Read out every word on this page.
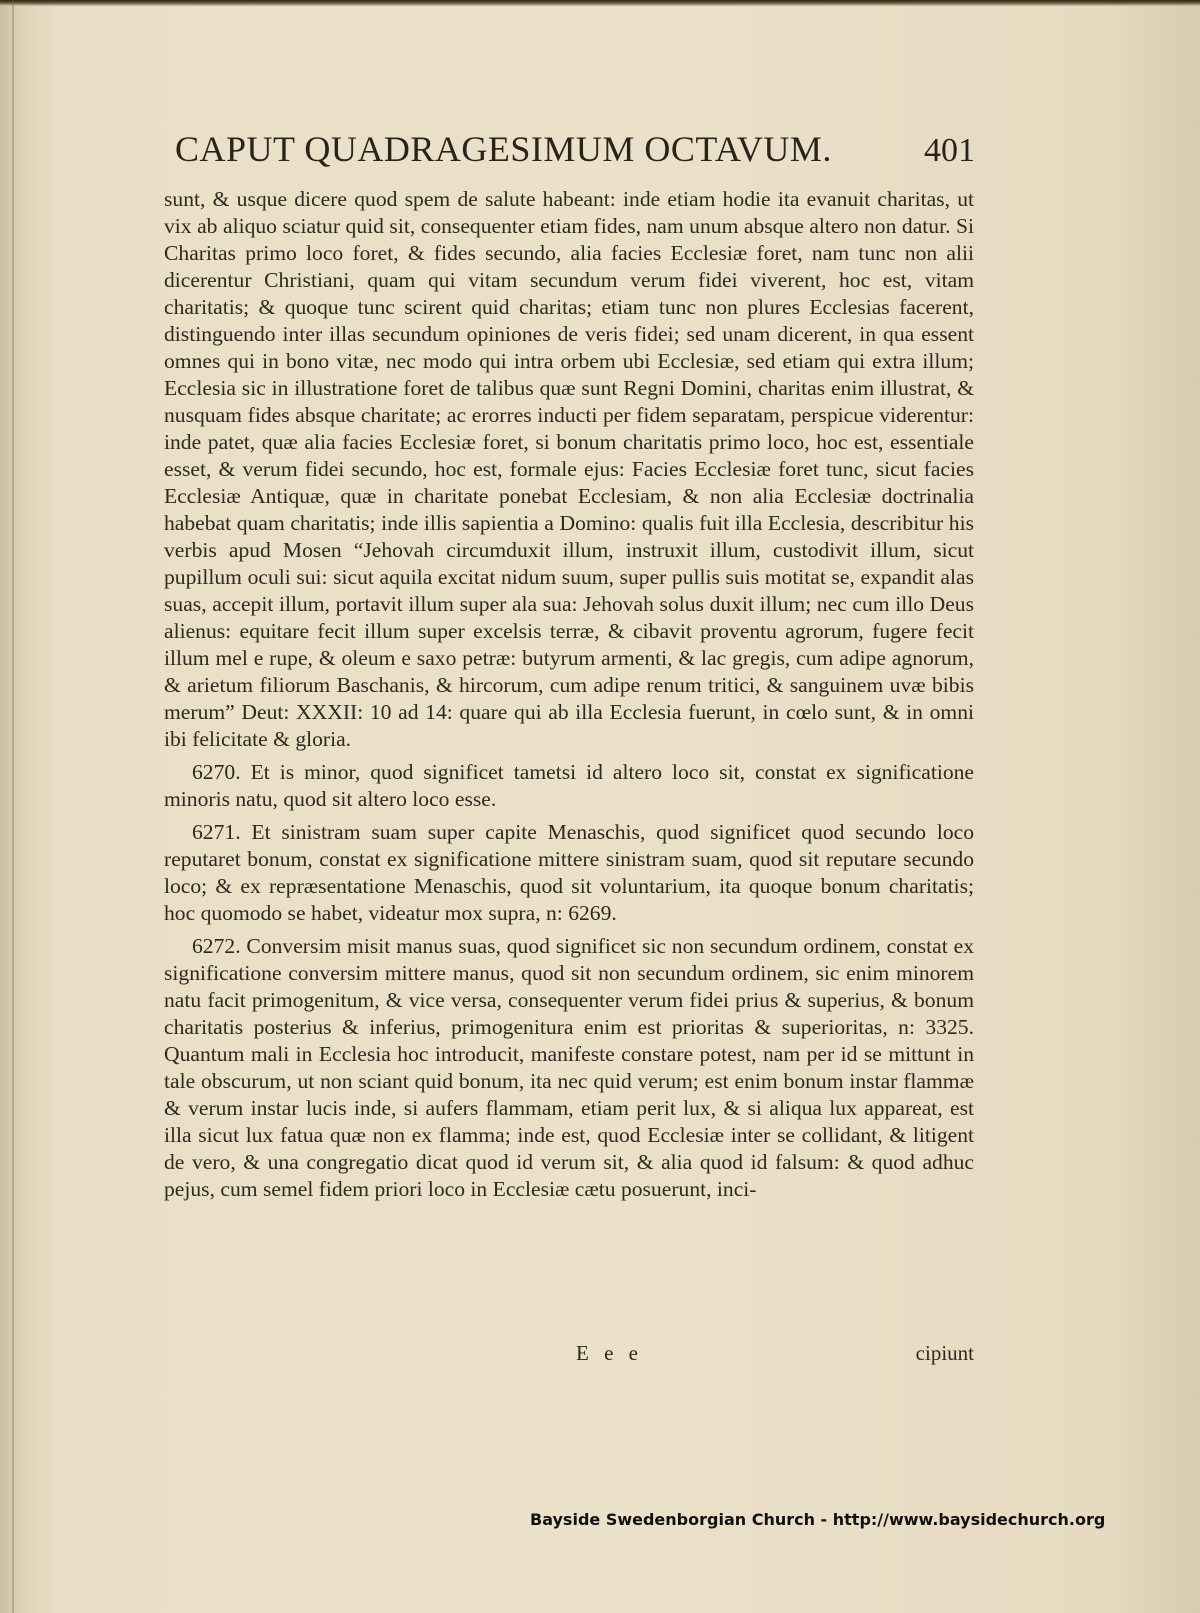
CAPUT QUADRAGESIMUM OCTAVUM.	401

sunt, & usque dicere quod spem de salute habeant: inde etiam hodie ita evanuit charitas, ut vix ab aliquo sciatur quid sit, consequenter etiam fides, nam unum absque altero non datur. Si Charitas primo loco foret, & fides secundo, alia facies Ecclesiæ foret, nam tunc non alii dicerentur Christiani, quam qui vitam secundum verum fidei viverent, hoc est, vitam charitatis; & quoque tunc scirent quid charitas; etiam tunc non plures Ecclesias facerent, distinguendo inter illas secundum opiniones de veris fidei; sed unam dicerent, in qua essent omnes qui in bono vitæ, nec modo qui intra orbem ubi Ecclesiæ, sed etiam qui extra illum; Ecclesia sic in illustratione foret de talibus quæ sunt Regni Domini, charitas enim illustrat, & nusquam fides absque charitate; ac erorres inducti per fidem separatam, perspicue viderentur: inde patet, quæ alia facies Ecclesiæ foret, si bonum charitatis primo loco, hoc est, essentiale esset, & verum fidei secundo, hoc est, formale ejus: Facies Ecclesiæ foret tunc, sicut facies Ecclesiæ Antiquæ, quæ in charitate ponebat Ecclesiam, & non alia Ecclesiæ doctrinalia habebat quam charitatis; inde illis sapientia a Domino: qualis fuit illa Ecclesia, describitur his verbis apud Mosen “Jehovah circumduxit illum, instruxit illum, custodivit illum, sicut pupillum oculi sui: sicut aquila excitat nidum suum, super pullis suis motitat se, expandit alas suas, accepit illum, portavit illum super ala sua: Jehovah solus duxit illum; nec cum illo Deus alienus: equitare fecit illum super excelsis terræ, & cibavit proventu agrorum, fugere fecit illum mel e rupe, & oleum e saxo petræ: butyrum armenti, & lac gregis, cum adipe agnorum, & arietum filiorum Baschanis, & hircorum, cum adipe renum tritici, & sanguinem uvæ bibis merum” Deut: XXXII: 10 ad 14: quare qui ab illa Ecclesia fuerunt, in cœlo sunt, & in omni ibi felicitate & gloria.

6270. Et is minor, quod significet tametsi id altero loco sit, constat ex significatione minoris natu, quod sit altero loco esse.

6271. Et sinistram suam super capite Menaschis, quod significet quod secundo loco reputaret bonum, constat ex significatione mittere sinistram suam, quod sit reputare secundo loco; & ex repræsentatione Menaschis, quod sit voluntarium, ita quoque bonum charitatis; hoc quomodo se habet, videatur mox supra, n: 6269.

6272. Conversim misit manus suas, quod significet sic non secundum ordinem, constat ex significatione conversim mittere manus, quod sit non secundum ordinem, sic enim minorem natu facit primogenitum, & vice versa, consequenter verum fidei prius & superius, & bonum charitatis posterius & inferius, primogenitura enim est prioritas & superioritas, n: 3325. Quantum mali in Ecclesia hoc introducit, manifeste constare potest, nam per id se mittunt in tale obscurum, ut non sciant quid bonum, ita nec quid verum; est enim bonum instar flammæ & verum instar lucis inde, si aufers flammam, etiam perit lux, & si aliqua lux appareat, est illa sicut lux fatua quæ non ex flamma; inde est, quod Ecclesiæ inter se collidant, & litigent de vero, & una congregatio dicat quod id verum sit, & alia quod id falsum: & quod adhuc pejus, cum semel fidem priori loco in Ecclesiæ cætu posuerunt, inci-

E e e	cipiunt
Bayside Swedenborgian Church - http://www.baysidechurch.org
